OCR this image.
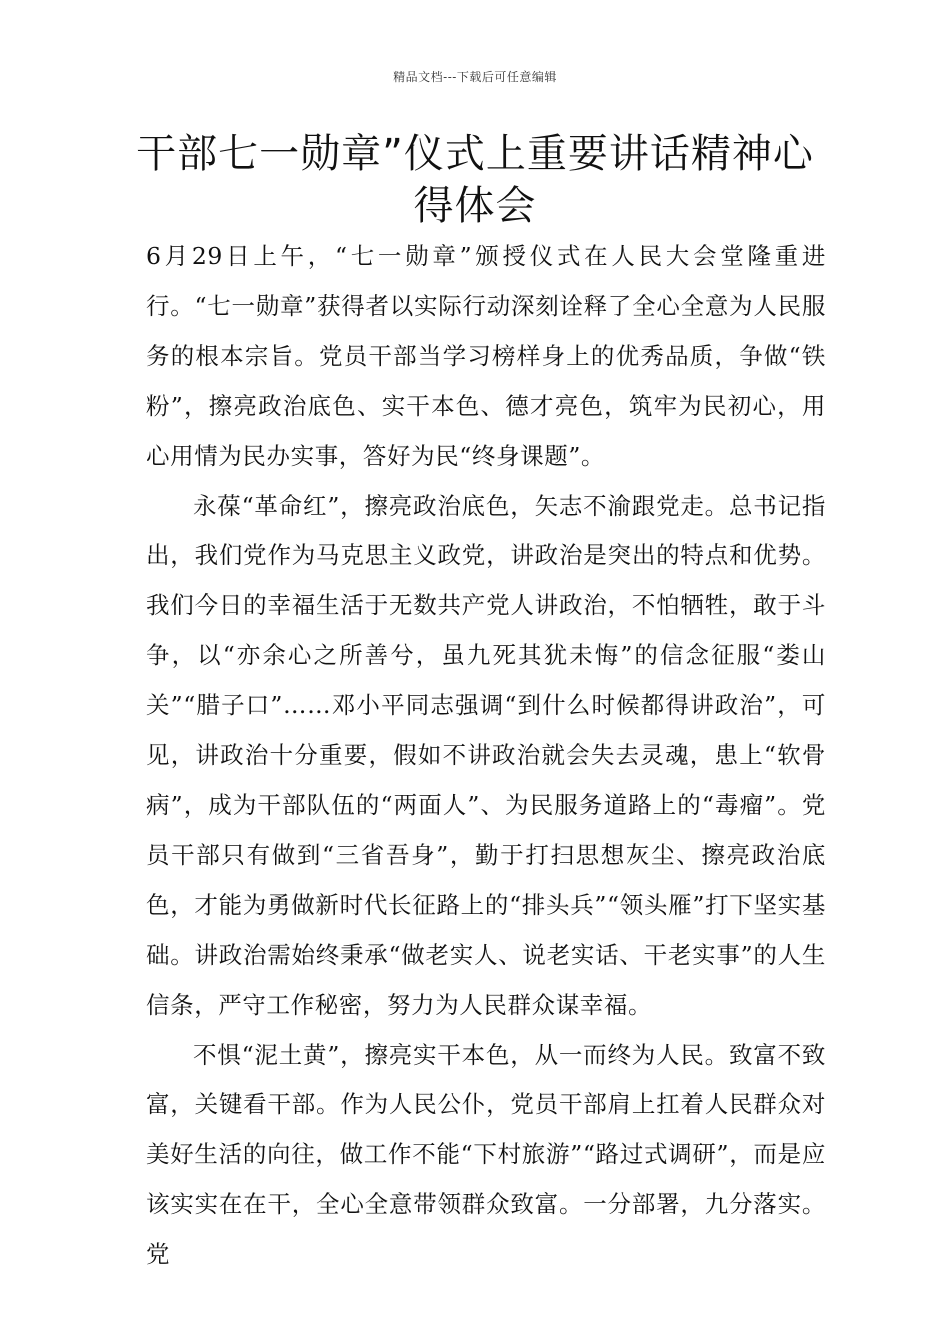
精品文档---下载后可任意编辑
干部七一勋章”仪式上重要讲话精神心得体会

6月29日上午，“七一勋章”颁授仪式在人民大会堂隆重进行。“七一勋章”获得者以实际行动深刻诠释了全心全意为人民服务的根本宗旨。党员干部当学习榜样身上的优秀品质，争做“铁粉”，擦亮政治底色、实干本色、德才亮色，筑牢为民初心，用心用情为民办实事，答好为民“终身课题”。

永葆“革命红”，擦亮政治底色，矢志不渝跟党走。总书记指出，我们党作为马克思主义政党，讲政治是突出的特点和优势。我们今日的幸福生活于无数共产党人讲政治，不怕牺牲，敢于斗争，以“亦余心之所善兮，虽九死其犹未悔”的信念征服“娄山关”“腊子口”……邓小平同志强调“到什么时候都得讲政治”，可见，讲政治十分重要，假如不讲政治就会失去灵魂，患上“软骨病”，成为干部队伍的“两面人”、为民服务道路上的“毒瘤”。党员干部只有做到“三省吾身”，勤于打扫思想灰尘、擦亮政治底色，才能为勇做新时代长征路上的“排头兵”“领头雁”打下坚实基础。讲政治需始终秉承“做老实人、说老实话、干老实事”的人生信条，严守工作秘密，努力为人民群众谋幸福。

不惧“泥土黄”，擦亮实干本色，从一而终为人民。致富不致富，关键看干部。作为人民公仆，党员干部肩上扛着人民群众对美好生活的向往，做工作不能“下村旅游”“路过式调研”，而是应该实实在在干，全心全意带领群众致富。一分部署，九分落实。党
